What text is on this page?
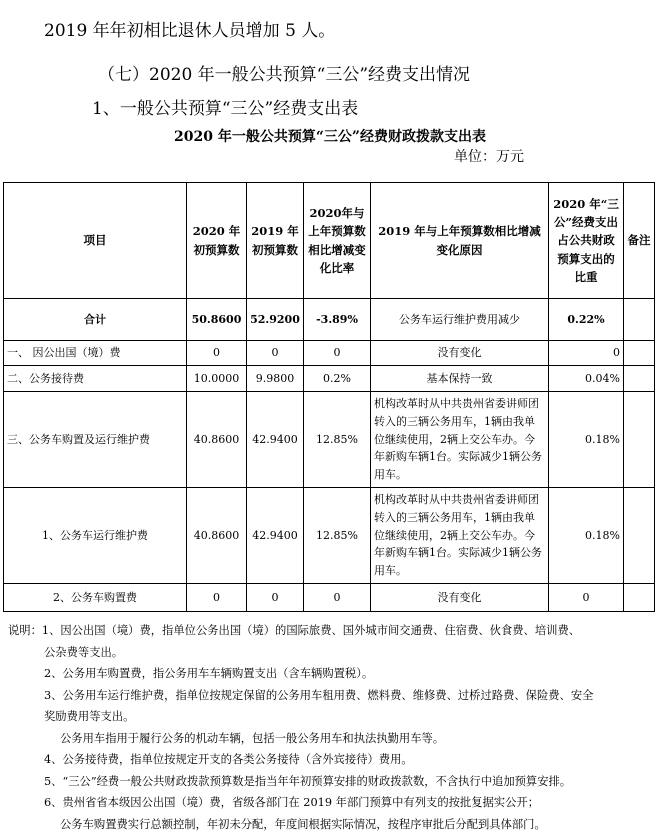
2019 年年初相比退休人员增加 5 人。
（七）2020 年一般公共预算“三公”经费支出情况
1、一般公共预算“三公”经费支出表
2020 年一般公共预算“三公”经费财政拨款支出表
单位：万元
项目	2020 年初预算数	2019 年初预算数	2020年与上年预算数相比增减变化比率	2019 年与上年预算数相比增减变化原因	2020 年“三公”经费支出占公共财政预算支出的比重	备注
合计	50.8600	52.9200	-3.89%	公务车运行维护费用减少	0.22%	
一、 因公出国（境）费	0	0	0	没有变化	0	
二、公务接待费	10.0000	9.9800	0.2%	基本保持一致	0.04%	
三、公务车购置及运行维护费	40.8600	42.9400	12.85%	机构改革时从中共贵州省委讲师团转入的三辆公务用车，1辆由我单位继续使用，2辆上交公车办。今年新购车辆1台。实际减少1辆公务用车。	0.18%	
1、公务车运行维护费	40.8600	42.9400	12.85%	机构改革时从中共贵州省委讲师团转入的三辆公务用车，1辆由我单位继续使用，2辆上交公车办。今年新购车辆1台。实际减少1辆公务用车。	0.18%	
2、公务车购置费	0	0	0	没有变化	0	
说明：1、因公出国（境）费，指单位公务出国（境）的国际旅费、国外城市间交通费、住宿费、伙食费、培训费、
公杂费等支出。
2、公务用车购置费，指公务用车车辆购置支出（含车辆购置税）。
3、公务用车运行维护费，指单位按规定保留的公务用车租用费、燃料费、维修费、过桥过路费、保险费、安全
奖励费用等支出。
公务用车指用于履行公务的机动车辆，包括一般公务用车和执法执勤用车等。
4、公务接待费，指单位按规定开支的各类公务接待（含外宾接待）费用。
5、“三公”经费一般公共财政拨款预算数是指当年年初预算安排的财政拨款数，不含执行中追加预算安排。
6、贵州省省本级因公出国（境）费，省级各部门在 2019 年部门预算中有列支的按批复据实公开；
公务车购置费实行总额控制，年初未分配，年度间根据实际情况，按程序审批后分配到具体部门。
